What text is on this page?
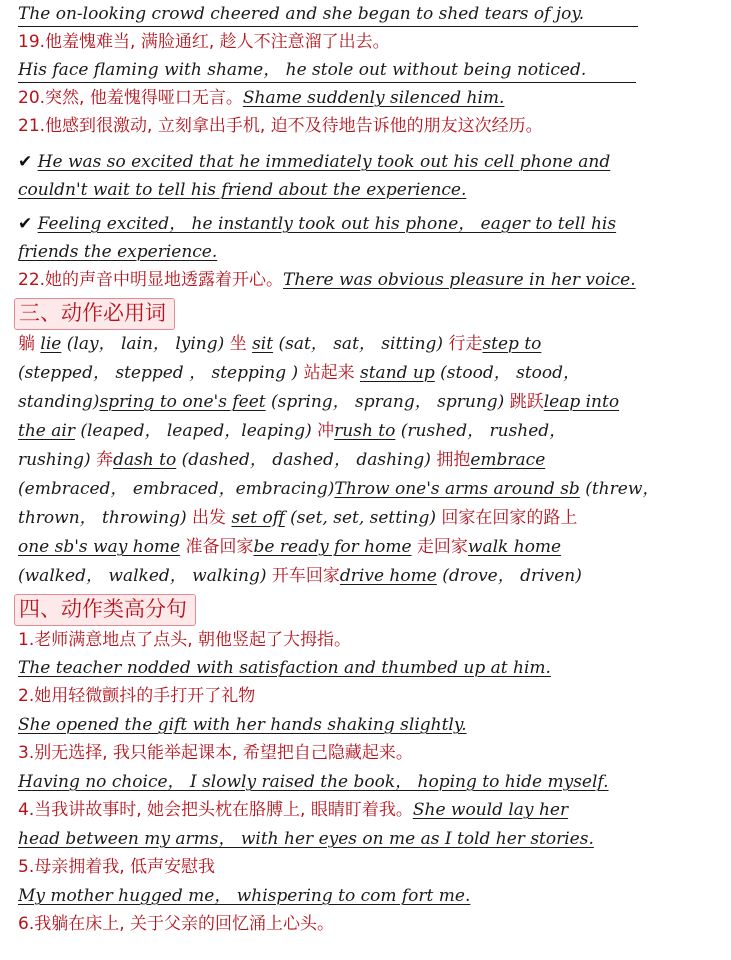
The on-looking crowd cheered and she began to shed tears of joy.
19.他羞愧难当, 满脸通红, 趁人不注意溜了出去。
His face flaming with shame， he stole out without being noticed.
20.突然, 他羞愧得哑口无言。Shame suddenly silenced him.
21.他感到很激动, 立刻拿出手机, 迫不及待地告诉他的朋友这次经历。
✔ He was so excited that he immediately took out his cell phone and
couldn't wait to tell his friend about the experience.
✔ Feeling excited， he instantly took out his phone， eager to tell his
friends the experience.
22.她的声音中明显地透露着开心。There was obvious pleasure in her voice.
三、动作必用词
躺 lie (lay， lain， lying) 坐 sit (sat， sat， sitting) 行走step to
(stepped， stepped ， stepping ) 站起来 stand up (stood， stood，
standing)spring to one's feet (spring， sprang， sprung) 跳跃leap into
the air (leaped， leaped，leaping) 冲rush to (rushed， rushed，
rushing) 奔dash to (dashed， dashed， dashing) 拥抱embrace
(embraced， embraced，embracing)Throw one's arms around sb (threw，
thrown， throwing) 出发 set off (set, set, setting) 回家在回家的路上
one sb's way home 准备回家be ready for home 走回家walk home
(walked， walked， walking) 开车回家drive home (drove， driven)
四、动作类高分句
1.老师满意地点了点头, 朝他竖起了大拇指。
The teacher nodded with satisfaction and thumbed up at him.
2.她用轻微颤抖的手打开了礼物
She opened the gift with her hands shaking slightly.
3.别无选择, 我只能举起课本, 希望把自己隐藏起来。
Having no choice， I slowly raised the book， hoping to hide myself.
4.当我讲故事时, 她会把头枕在胳膊上, 眼睛盯着我。She would lay her
head between my arms， with her eyes on me as I told her stories.
5.母亲拥着我, 低声安慰我
My mother hugged me， whispering to com fort me.
6.我躺在床上, 关于父亲的回忆涌上心头。
